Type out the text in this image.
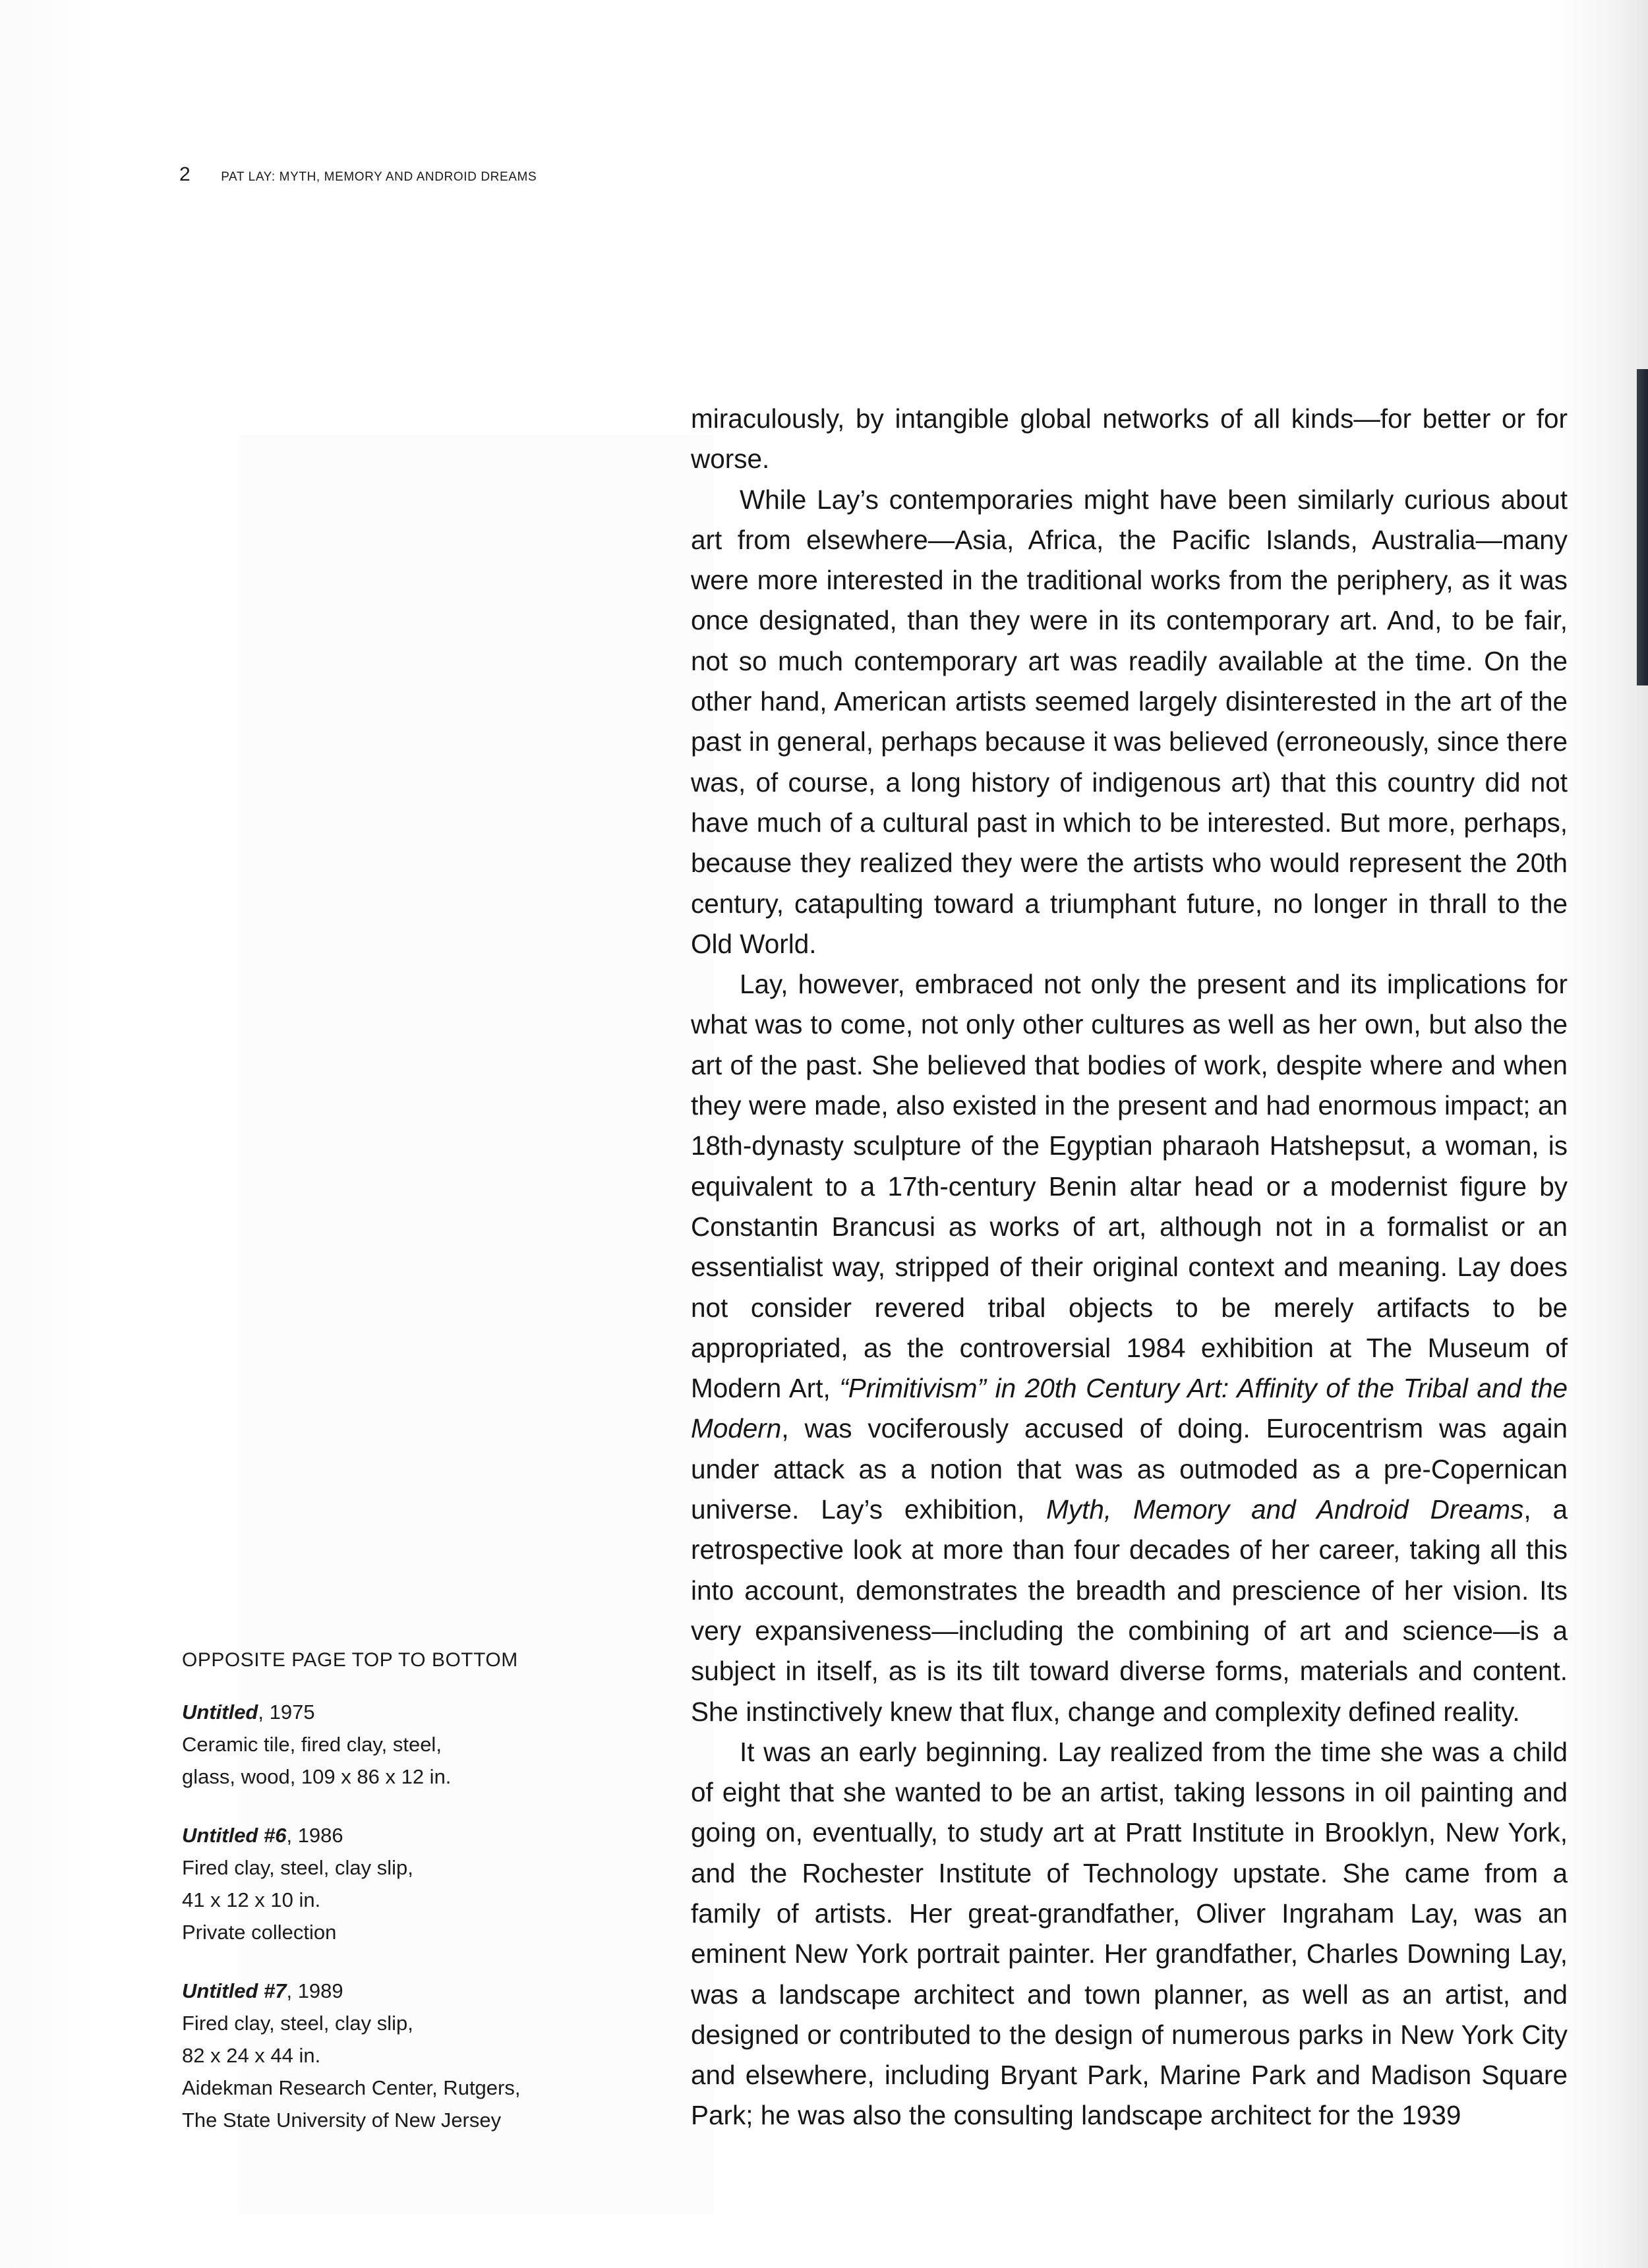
2 PAT LAY: MYTH, MEMORY AND ANDROID DREAMS

miraculously, by intangible global networks of all kinds—for better or for worse.

While Lay’s contemporaries might have been similarly curious about art from elsewhere—Asia, Africa, the Pacific Islands, Australia—many were more interested in the traditional works from the periphery, as it was once designated, than they were in its contemporary art. And, to be fair, not so much contemporary art was readily available at the time. On the other hand, American artists seemed largely disinterested in the art of the past in general, perhaps because it was believed (erroneously, since there was, of course, a long history of indigenous art) that this country did not have much of a cultural past in which to be interested. But more, perhaps, because they realized they were the artists who would represent the 20th century, catapulting toward a triumphant future, no longer in thrall to the Old World.

Lay, however, embraced not only the present and its implications for what was to come, not only other cultures as well as her own, but also the art of the past. She believed that bodies of work, despite where and when they were made, also existed in the present and had enormous impact; an 18th-dynasty sculpture of the Egyptian pharaoh Hatshepsut, a woman, is equivalent to a 17th-century Benin altar head or a modernist figure by Constantin Brancusi as works of art, although not in a formalist or an essentialist way, stripped of their original context and meaning. Lay does not consider revered tribal objects to be merely artifacts to be appropriated, as the controversial 1984 exhibition at The Museum of Modern Art, “Primitivism” in 20th Century Art: Affinity of the Tribal and the Modern, was vociferously accused of doing. Eurocentrism was again under attack as a notion that was as outmoded as a pre-Copernican universe. Lay’s exhibition, Myth, Memory and Android Dreams, a retrospective look at more than four decades of her career, taking all this into account, demonstrates the breadth and prescience of her vision. Its very expansiveness—including the combining of art and science—is a subject in itself, as is its tilt toward diverse forms, materials and content. She instinctively knew that flux, change and complexity defined reality.

It was an early beginning. Lay realized from the time she was a child of eight that she wanted to be an artist, taking lessons in oil painting and going on, eventually, to study art at Pratt Institute in Brooklyn, New York, and the Rochester Institute of Technology upstate. She came from a family of artists. Her great-grandfather, Oliver Ingraham Lay, was an eminent New York portrait painter. Her grandfather, Charles Downing Lay, was a landscape architect and town planner, as well as an artist, and designed or contributed to the design of numerous parks in New York City and elsewhere, including Bryant Park, Marine Park and Madison Square Park; he was also the consulting landscape architect for the 1939

OPPOSITE PAGE TOP TO BOTTOM
Untitled, 1975
Ceramic tile, fired clay, steel,
glass, wood, 109 x 86 x 12 in.
Untitled #6, 1986
Fired clay, steel, clay slip,
41 x 12 x 10 in.
Private collection
Untitled #7, 1989
Fired clay, steel, clay slip,
82 x 24 x 44 in.
Aidekman Research Center, Rutgers,
The State University of New Jersey
